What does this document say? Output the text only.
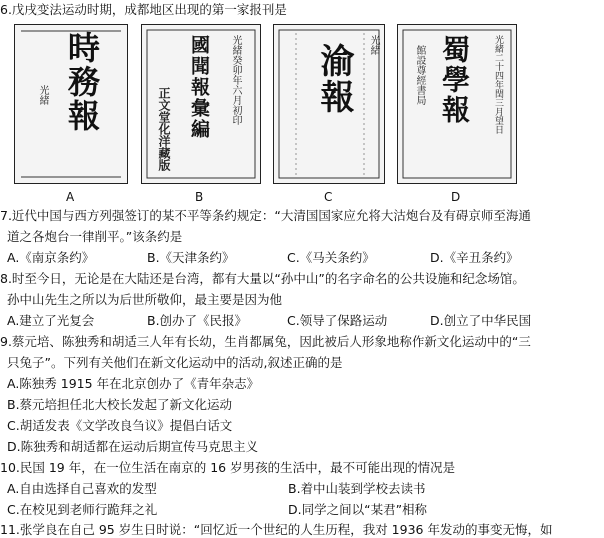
6.戊戌变法运动时期，成都地区出现的第一家报刊是
時務報
光緒
A
國聞報彙編	光緒癸卯年六月初印
正文堂化洋藏版
B
渝報	光緒
C
蜀學報	光緒二十四年閏三月望日
館設尊經書局
D
7.近代中国与西方列强签订的某不平等条约规定：“大清国国家应允将大沽炮台及有碍京师至海通
道之各炮台一律削平。”该条约是
A.《南京条约》	B.《天津条约》	C.《马关条约》	D.《辛丑条约》
8.时至今日，无论是在大陆还是台湾，都有大量以“孙中山”的名字命名的公共设施和纪念场馆。
孙中山先生之所以为后世所敬仰，最主要是因为他
A.建立了光复会	B.创办了《民报》	C.领导了保路运动	D.创立了中华民国
9.蔡元培、陈独秀和胡适三人年有长幼，生肖都属兔，因此被后人形象地称作新文化运动中的“三
只兔子”。下列有关他们在新文化运动中的活动,叙述正确的是
A.陈独秀 1915 年在北京创办了《青年杂志》
B.蔡元培担任北大校长发起了新文化运动
C.胡适发表《文学改良刍议》提倡白话文
D.陈独秀和胡适都在运动后期宣传马克思主义
10.民国 19 年，在一位生活在南京的 16 岁男孩的生活中，最不可能出现的情况是
A.自由选择自己喜欢的发型	B.着中山装到学校去读书
C.在校见到老师行跪拜之礼	D.同学之间以“某君”相称
11.张学良在自己 95 岁生日时说：“回忆近一个世纪的人生历程，我对 1936 年发动的事变无悔，如
